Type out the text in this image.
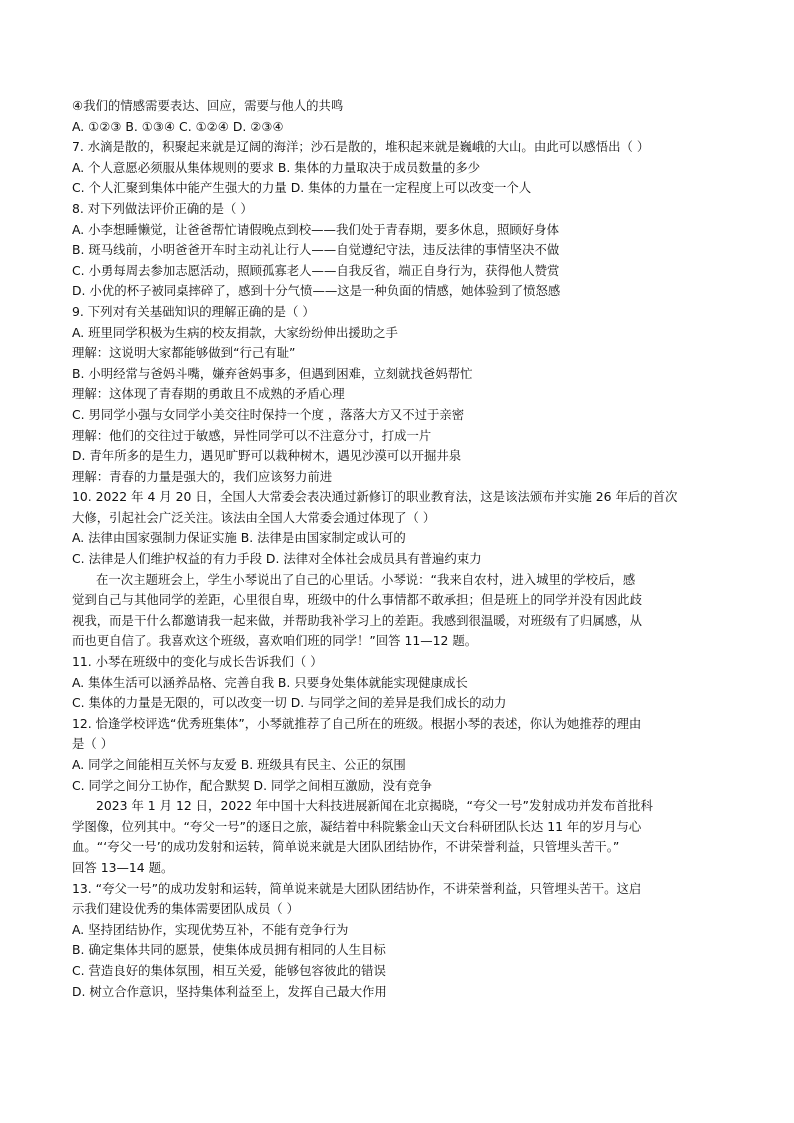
④我们的情感需要表达、回应，需要与他人的共鸣
A. ①②③ B. ①③④ C. ①②④ D. ②③④
7. 水滴是散的，积聚起来就是辽阔的海洋；沙石是散的，堆积起来就是巍峨的大山。由此可以感悟出（ ）
A. 个人意愿必须服从集体规则的要求 B. 集体的力量取决于成员数量的多少
C. 个人汇聚到集体中能产生强大的力量 D. 集体的力量在一定程度上可以改变一个人
8. 对下列做法评价正确的是（ ）
A. 小李想睡懒觉，让爸爸帮忙请假晚点到校——我们处于青春期，要多休息，照顾好身体
B. 斑马线前，小明爸爸开车时主动礼让行人——自觉遵纪守法，违反法律的事情坚决不做
C. 小勇每周去参加志愿活动，照顾孤寡老人——自我反省，端正自身行为，获得他人赞赏
D. 小优的杯子被同桌摔碎了，感到十分气愤——这是一种负面的情感，她体验到了愤怒感
9. 下列对有关基础知识的理解正确的是（ ）
A. 班里同学积极为生病的校友捐款，大家纷纷伸出援助之手
理解：这说明大家都能够做到“行己有耻”
B. 小明经常与爸妈斗嘴，嫌弃爸妈事多，但遇到困难，立刻就找爸妈帮忙
理解：这体现了青春期的勇敢且不成熟的矛盾心理
C. 男同学小强与女同学小美交往时保持一个度 ，落落大方又不过于亲密
理解：他们的交往过于敏感，异性同学可以不注意分寸，打成一片
D. 青年所多的是生力，遇见旷野可以栽种树木，遇见沙漠可以开掘井泉
理解：青春的力量是强大的，我们应该努力前进
10. 2022 年 4 月 20 日，全国人大常委会表决通过新修订的职业教育法，这是该法颁布并实施 26 年后的首次
大修，引起社会广泛关注。该法由全国人大常委会通过体现了（ ）
A. 法律由国家强制力保证实施 B. 法律是由国家制定或认可的
C. 法律是人们维护权益的有力手段 D. 法律对全体社会成员具有普遍约束力
在一次主题班会上，学生小琴说出了自己的心里话。小琴说：“我来自农村，进入城里的学校后，感
觉到自己与其他同学的差距，心里很自卑，班级中的什么事情都不敢承担；但是班上的同学并没有因此歧
视我，而是干什么都邀请我一起来做，并帮助我补学习上的差距。我感到很温暖，对班级有了归属感，从
而也更自信了。我喜欢这个班级，喜欢咱们班的同学！”回答 11—12 题。
11. 小琴在班级中的变化与成长告诉我们（ ）
A. 集体生活可以涵养品格、完善自我 B. 只要身处集体就能实现健康成长
C. 集体的力量是无限的，可以改变一切 D. 与同学之间的差异是我们成长的动力
12. 恰逢学校评选“优秀班集体”，小琴就推荐了自己所在的班级。根据小琴的表述，你认为她推荐的理由
是（ ）
A. 同学之间能相互关怀与友爱 B. 班级具有民主、公正的氛围
C. 同学之间分工协作，配合默契 D. 同学之间相互激励，没有竞争
2023 年 1 月 12 日，2022 年中国十大科技进展新闻在北京揭晓，“夸父一号”发射成功并发布首批科
学图像，位列其中。“夸父一号”的逐日之旅，凝结着中科院紫金山天文台科研团队长达 11 年的岁月与心
血。“‘夸父一号’的成功发射和运转，简单说来就是大团队团结协作，不讲荣誉利益，只管埋头苦干。”
回答 13—14 题。
13. “夸父一号”的成功发射和运转，简单说来就是大团队团结协作，不讲荣誉利益，只管埋头苦干。这启
示我们建设优秀的集体需要团队成员（ ）
A. 坚持团结协作，实现优势互补，不能有竞争行为
B. 确定集体共同的愿景，使集体成员拥有相同的人生目标
C. 营造良好的集体氛围，相互关爱，能够包容彼此的错误
D. 树立合作意识，坚持集体利益至上，发挥自己最大作用
